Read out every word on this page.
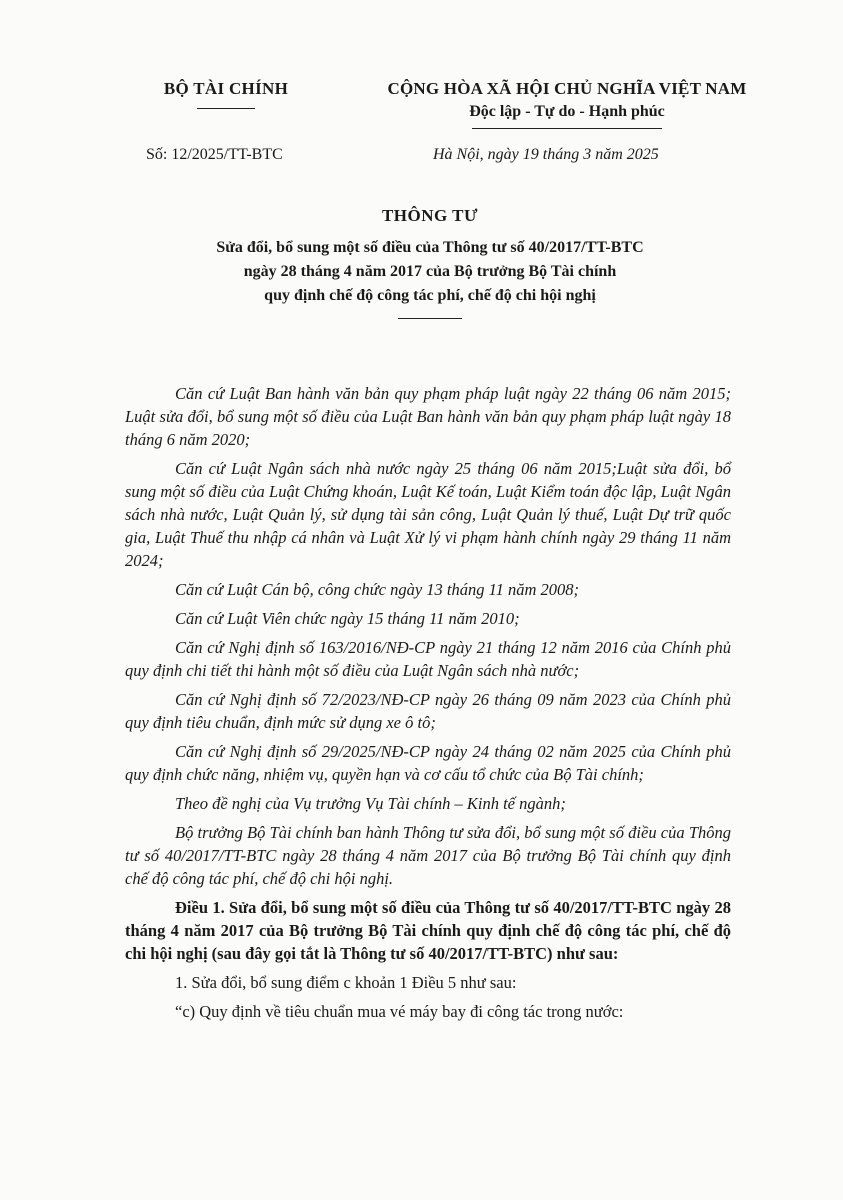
BỘ TÀI CHÍNH	CỘNG HÒA XÃ HỘI CHỦ NGHĨA VIỆT NAM
Độc lập - Tự do - Hạnh phúc
Số: 12/2025/TT-BTC	Hà Nội, ngày 19 tháng 3 năm 2025
THÔNG TƯ
Sửa đổi, bổ sung một số điều của Thông tư số 40/2017/TT-BTC
ngày 28 tháng 4 năm 2017 của Bộ trưởng Bộ Tài chính
quy định chế độ công tác phí, chế độ chi hội nghị

Căn cứ Luật Ban hành văn bản quy phạm pháp luật ngày 22 tháng 06 năm 2015; Luật sửa đổi, bổ sung một số điều của Luật Ban hành văn bản quy phạm pháp luật ngày 18 tháng 6 năm 2020;

Căn cứ Luật Ngân sách nhà nước ngày 25 tháng 06 năm 2015;Luật sửa đổi, bổ sung một số điều của Luật Chứng khoán, Luật Kế toán, Luật Kiểm toán độc lập, Luật Ngân sách nhà nước, Luật Quản lý, sử dụng tài sản công, Luật Quản lý thuế, Luật Dự trữ quốc gia, Luật Thuế thu nhập cá nhân và Luật Xử lý vi phạm hành chính ngày 29 tháng 11 năm 2024;

Căn cứ Luật Cán bộ, công chức ngày 13 tháng 11 năm 2008;

Căn cứ Luật Viên chức ngày 15 tháng 11 năm 2010;

Căn cứ Nghị định số 163/2016/NĐ-CP ngày 21 tháng 12 năm 2016 của Chính phủ quy định chi tiết thi hành một số điều của Luật Ngân sách nhà nước;

Căn cứ Nghị định số 72/2023/NĐ-CP ngày 26 tháng 09 năm 2023 của Chính phủ quy định tiêu chuẩn, định mức sử dụng xe ô tô;

Căn cứ Nghị định số 29/2025/NĐ-CP ngày 24 tháng 02 năm 2025 của Chính phủ quy định chức năng, nhiệm vụ, quyền hạn và cơ cấu tổ chức của Bộ Tài chính;

Theo đề nghị của Vụ trưởng Vụ Tài chính – Kinh tế ngành;

Bộ trưởng Bộ Tài chính ban hành Thông tư sửa đổi, bổ sung một số điều của Thông tư số 40/2017/TT-BTC ngày 28 tháng 4 năm 2017 của Bộ trưởng Bộ Tài chính quy định chế độ công tác phí, chế độ chi hội nghị.

Điều 1. Sửa đổi, bổ sung một số điều của Thông tư số 40/2017/TT-BTC ngày 28 tháng 4 năm 2017 của Bộ trưởng Bộ Tài chính quy định chế độ công tác phí, chế độ chi hội nghị (sau đây gọi tắt là Thông tư số 40/2017/TT-BTC) như sau:

1. Sửa đổi, bổ sung điểm c khoản 1 Điều 5 như sau:

“c) Quy định về tiêu chuẩn mua vé máy bay đi công tác trong nước:
